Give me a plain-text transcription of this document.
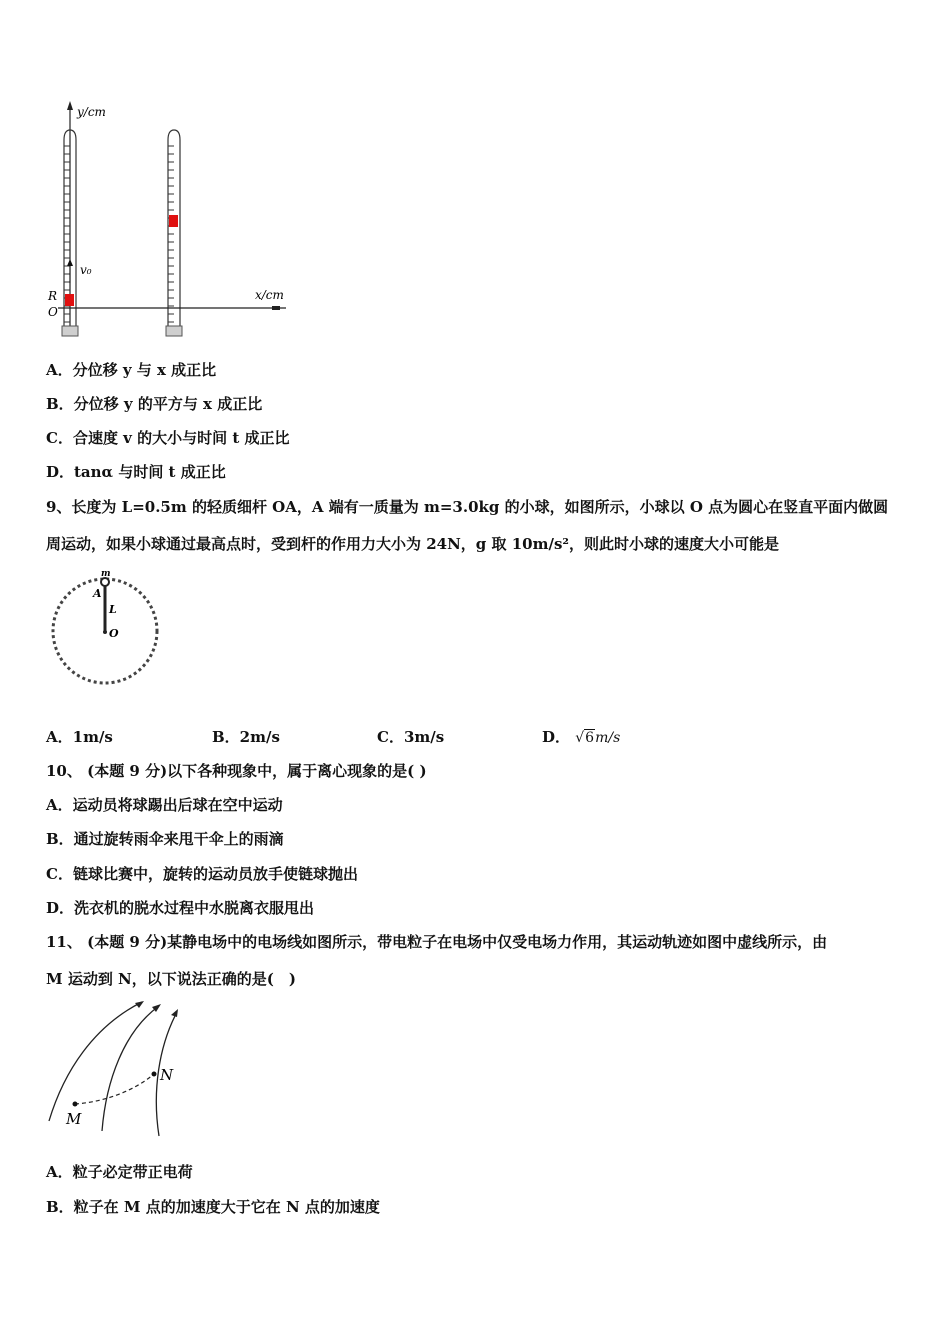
y/cm
v₀
R
O
x/cm
A．分位移 y 与 x 成正比
B．分位移 y 的平方与 x 成正比
C．合速度 v 的大小与时间 t 成正比
D．tanα 与时间 t 成正比
9、长度为 L=0.5m 的轻质细杆 OA，A 端有一质量为 m=3.0kg 的小球，如图所示，小球以 O 点为圆心在竖直平面内做圆
周运动，如果小球通过最高点时，受到杆的作用力大小为 24N，g 取 10m/s²，则此时小球的速度大小可能是
m
A
L
O
A．1m/s	B．2m/s	C．3m/s	D． √6m/s
10、 (本题 9 分)以下各种现象中，属于离心现象的是( )
A．运动员将球踢出后球在空中运动
B．通过旋转雨伞来甩干伞上的雨滴
C．链球比赛中，旋转的运动员放手使链球抛出
D．洗衣机的脱水过程中水脱离衣服甩出
11、 (本题 9 分)某静电场中的电场线如图所示，带电粒子在电场中仅受电场力作用，其运动轨迹如图中虚线所示，由
M 运动到 N，以下说法正确的是(　)
M
N
A．粒子必定带正电荷
B．粒子在 M 点的加速度大于它在 N 点的加速度
